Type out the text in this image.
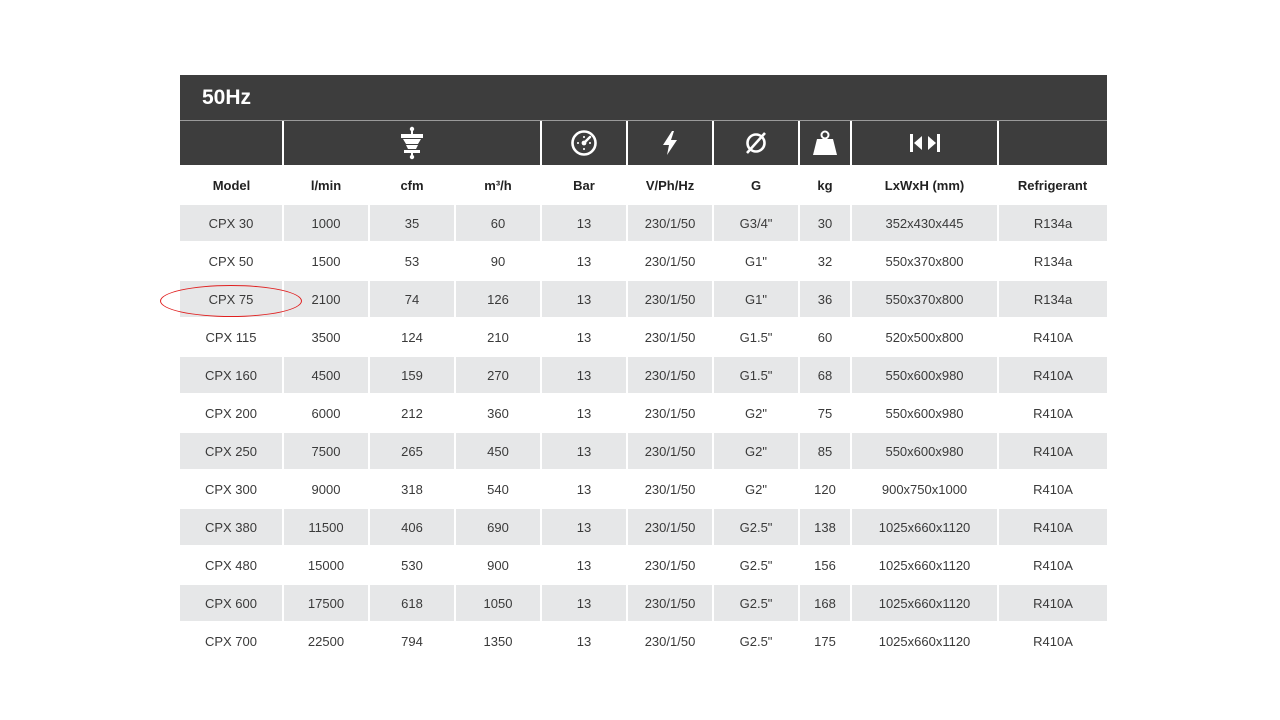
50Hz

Model	l/min	cfm	m³/h	Bar	V/Ph/Hz	G	kg	LxWxH (mm)	Refrigerant
CPX 30	1000	35	60	13	230/1/50	G3/4"	30	352x430x445	R134a
CPX 50	1500	53	90	13	230/1/50	G1"	32	550x370x800	R134a
CPX 75	2100	74	126	13	230/1/50	G1"	36	550x370x800	R134a
CPX 115	3500	124	210	13	230/1/50	G1.5"	60	520x500x800	R410A
CPX 160	4500	159	270	13	230/1/50	G1.5"	68	550x600x980	R410A
CPX 200	6000	212	360	13	230/1/50	G2"	75	550x600x980	R410A
CPX 250	7500	265	450	13	230/1/50	G2"	85	550x600x980	R410A
CPX 300	9000	318	540	13	230/1/50	G2"	120	900x750x1000	R410A
CPX 380	11500	406	690	13	230/1/50	G2.5"	138	1025x660x1120	R410A
CPX 480	15000	530	900	13	230/1/50	G2.5"	156	1025x660x1120	R410A
CPX 600	17500	618	1050	13	230/1/50	G2.5"	168	1025x660x1120	R410A
CPX 700	22500	794	1350	13	230/1/50	G2.5"	175	1025x660x1120	R410A
